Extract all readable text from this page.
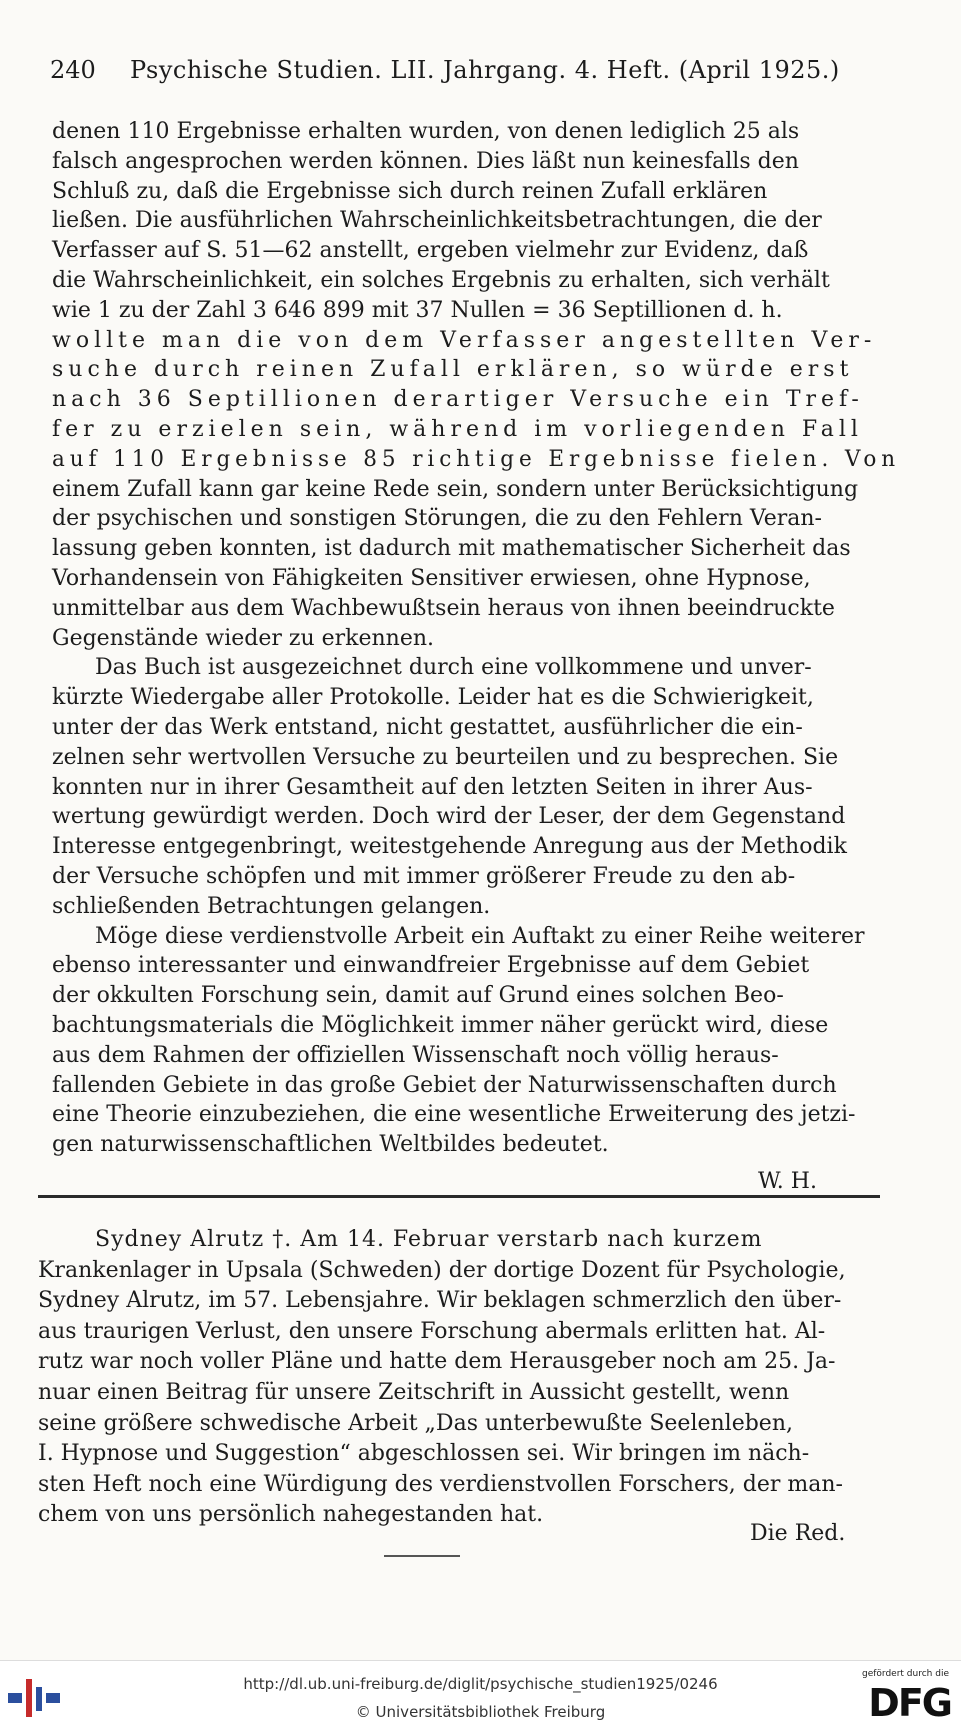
240 Psychische Studien. LII. Jahrgang. 4. Heft. (April 1925.)
denen 110 Ergebnisse erhalten wurden, von denen lediglich 25 als
falsch angesprochen werden können. Dies läßt nun keinesfalls den
Schluß zu, daß die Ergebnisse sich durch reinen Zufall erklären
ließen. Die ausführlichen Wahrscheinlichkeitsbetrachtungen, die der
Verfasser auf S. 51—62 anstellt, ergeben vielmehr zur Evidenz, daß
die Wahrscheinlichkeit, ein solches Ergebnis zu erhalten, sich verhält
wie 1 zu der Zahl 3 646 899 mit 37 Nullen = 36 Septillionen d. h.
wollte man die von dem Verfasser angestellten Ver-
suche durch reinen Zufall erklären, so würde erst
nach 36 Septillionen derartiger Versuche ein Tref-
fer zu erzielen sein, während im vorliegenden Fall
auf 110 Ergebnisse 85 richtige Ergebnisse fielen. Von
einem Zufall kann gar keine Rede sein, sondern unter Berücksichtigung
der psychischen und sonstigen Störungen, die zu den Fehlern Veran-
lassung geben konnten, ist dadurch mit mathematischer Sicherheit das
Vorhandensein von Fähigkeiten Sensitiver erwiesen, ohne Hypnose,
unmittelbar aus dem Wachbewußtsein heraus von ihnen beeindruckte
Gegenstände wieder zu erkennen.
Das Buch ist ausgezeichnet durch eine vollkommene und unver-
kürzte Wiedergabe aller Protokolle. Leider hat es die Schwierigkeit,
unter der das Werk entstand, nicht gestattet, ausführlicher die ein-
zelnen sehr wertvollen Versuche zu beurteilen und zu besprechen. Sie
konnten nur in ihrer Gesamtheit auf den letzten Seiten in ihrer Aus-
wertung gewürdigt werden. Doch wird der Leser, der dem Gegenstand
Interesse entgegenbringt, weitestgehende Anregung aus der Methodik
der Versuche schöpfen und mit immer größerer Freude zu den ab-
schließenden Betrachtungen gelangen.
Möge diese verdienstvolle Arbeit ein Auftakt zu einer Reihe weiterer
ebenso interessanter und einwandfreier Ergebnisse auf dem Gebiet
der okkulten Forschung sein, damit auf Grund eines solchen Beo-
bachtungsmaterials die Möglichkeit immer näher gerückt wird, diese
aus dem Rahmen der offiziellen Wissenschaft noch völlig heraus-
fallenden Gebiete in das große Gebiet der Naturwissenschaften durch
eine Theorie einzubeziehen, die eine wesentliche Erweiterung des jetzi-
gen naturwissenschaftlichen Weltbildes bedeutet.
W. H.
Sydney Alrutz †. Am 14. Februar verstarb nach kurzem
Krankenlager in Upsala (Schweden) der dortige Dozent für Psychologie,
Sydney Alrutz, im 57. Lebensjahre. Wir beklagen schmerzlich den über-
aus traurigen Verlust, den unsere Forschung abermals erlitten hat. Al-
rutz war noch voller Pläne und hatte dem Herausgeber noch am 25. Ja-
nuar einen Beitrag für unsere Zeitschrift in Aussicht gestellt, wenn
seine größere schwedische Arbeit „Das unterbewußte Seelenleben,
I. Hypnose und Suggestion“ abgeschlossen sei. Wir bringen im näch-
sten Heft noch eine Würdigung des verdienstvollen Forschers, der man-
chem von uns persönlich nahegestanden hat.
Die Red.
http://dl.ub.uni-freiburg.de/diglit/psychische_studien1925/0246
© Universitätsbibliothek Freiburg
gefördert durch die
DFG
